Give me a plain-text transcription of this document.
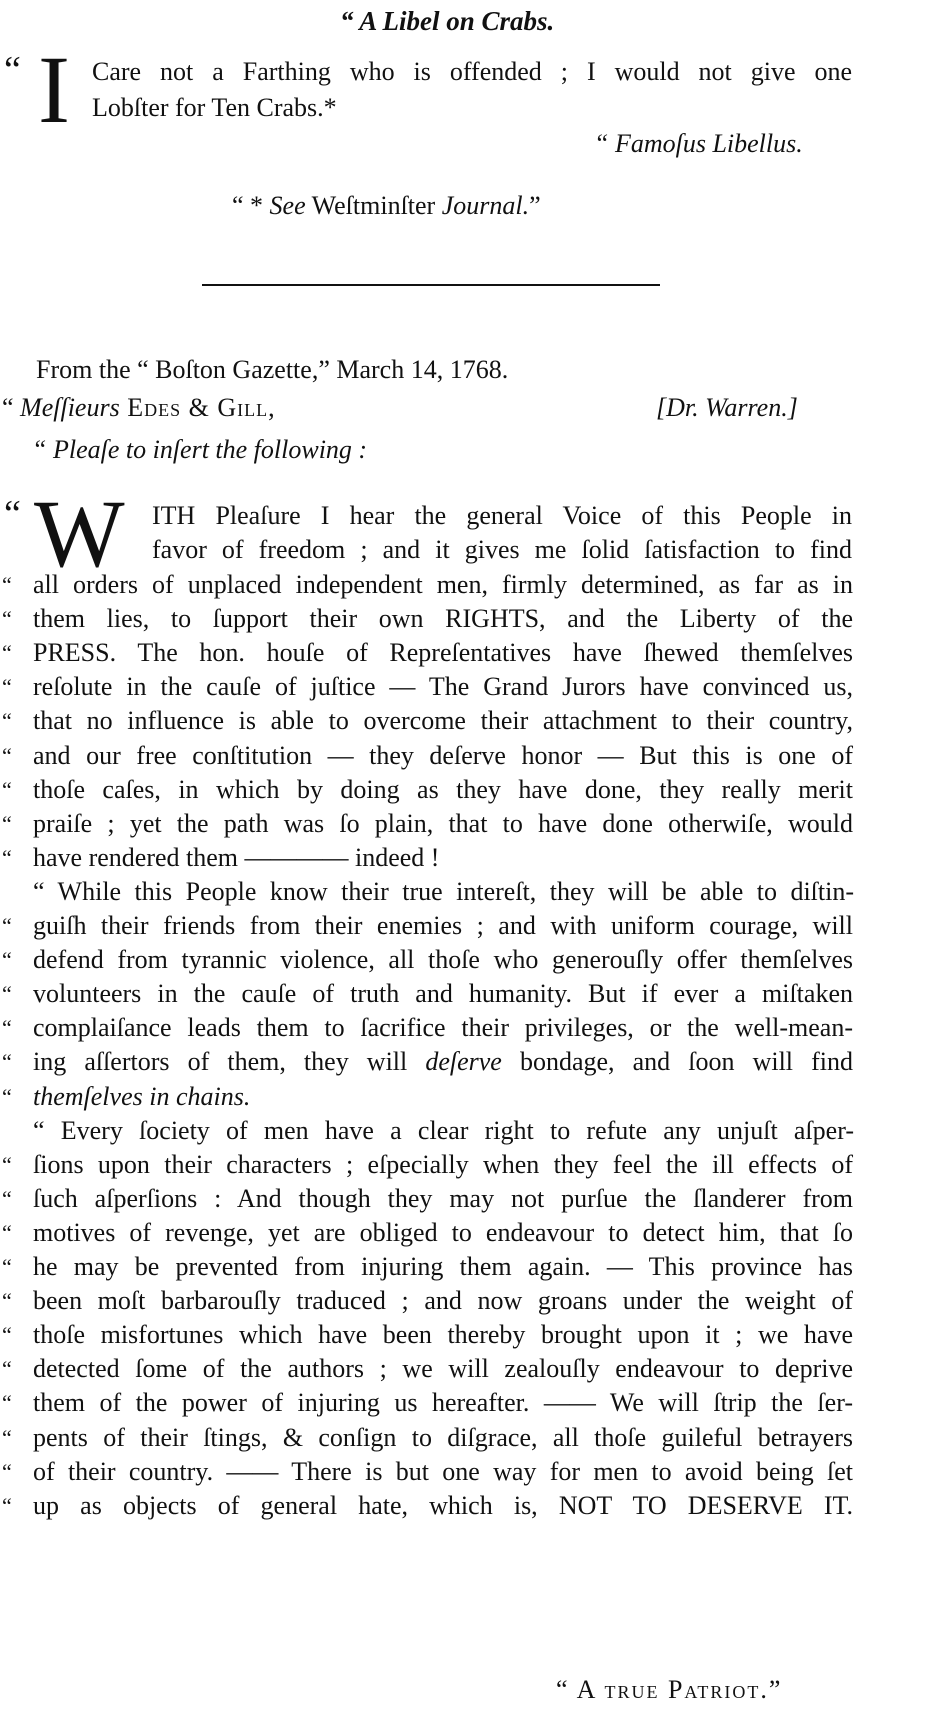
“ A Libel on Crabs.
“ I Care not a Farthing who is offended ; I would not give one
Lobſter for Ten Crabs.*
“ Famoſus Libellus.
“ * See Weſtminſter Journal.”
From the “ Boſton Gazette,” March 14, 1768.
“ Meſſieurs Edes & Gill,	[Dr. Warren.]
“ Pleaſe to inſert the following :
“ W ITH Pleaſure I hear the general Voice of this People in
favor of freedom ; and it gives me ſolid ſatisfaction to find
“ all orders of unplaced independent men, firmly determined, as far as in
“ them lies, to ſupport their own RIGHTS, and the Liberty of the
“ PRESS. The hon. houſe of Repreſentatives have ſhewed themſelves
“ reſolute in the cauſe of juſtice — The Grand Jurors have convinced us,
“ that no influence is able to overcome their attachment to their country,
“ and our free conſtitution — they deſerve honor — But this is one of
“ thoſe caſes, in which by doing as they have done, they really merit
“ praiſe ; yet the path was ſo plain, that to have done otherwiſe, would
“ have rendered them ———— indeed !
“ While this People know their true intereſt, they will be able to diſtin-
“ guiſh their friends from their enemies ; and with uniform courage, will
“ defend from tyrannic violence, all thoſe who generouſly offer themſelves
“ volunteers in the cauſe of truth and humanity. But if ever a miſtaken
“ complaiſance leads them to ſacrifice their privileges, or the well-mean-
“ ing aſſertors of them, they will deſerve bondage, and ſoon will find
“ themſelves in chains.
“ Every ſociety of men have a clear right to refute any unjuſt aſper-
“ ſions upon their characters ; eſpecially when they feel the ill effects of
“ ſuch aſperſions : And though they may not purſue the ſlanderer from
“ motives of revenge, yet are obliged to endeavour to detect him, that ſo
“ he may be prevented from injuring them again. — This province has
“ been moſt barbarouſly traduced ; and now groans under the weight of
“ thoſe misfortunes which have been thereby brought upon it ; we have
“ detected ſome of the authors ; we will zealouſly endeavour to deprive
“ them of the power of injuring us hereafter. —— We will ſtrip the ſer-
“ pents of their ſtings, & conſign to diſgrace, all thoſe guileful betrayers
“ of their country. —— There is but one way for men to avoid being ſet
“ up as objects of general hate, which is, NOT TO DESERVE IT.
“ A true Patriot.”
